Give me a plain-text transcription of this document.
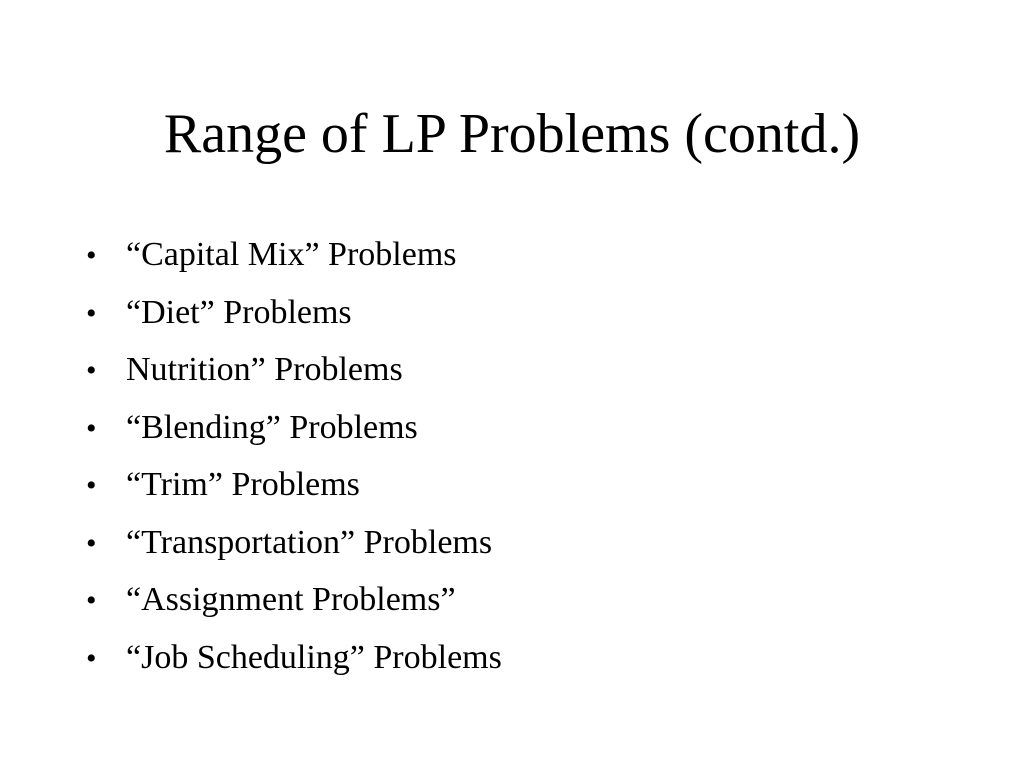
Range of LP Problems (contd.)
• “Capital Mix” Problems
• “Diet” Problems
• Nutrition” Problems
• “Blending” Problems
• “Trim” Problems
• “Transportation” Problems
• “Assignment Problems”
• “Job Scheduling” Problems
